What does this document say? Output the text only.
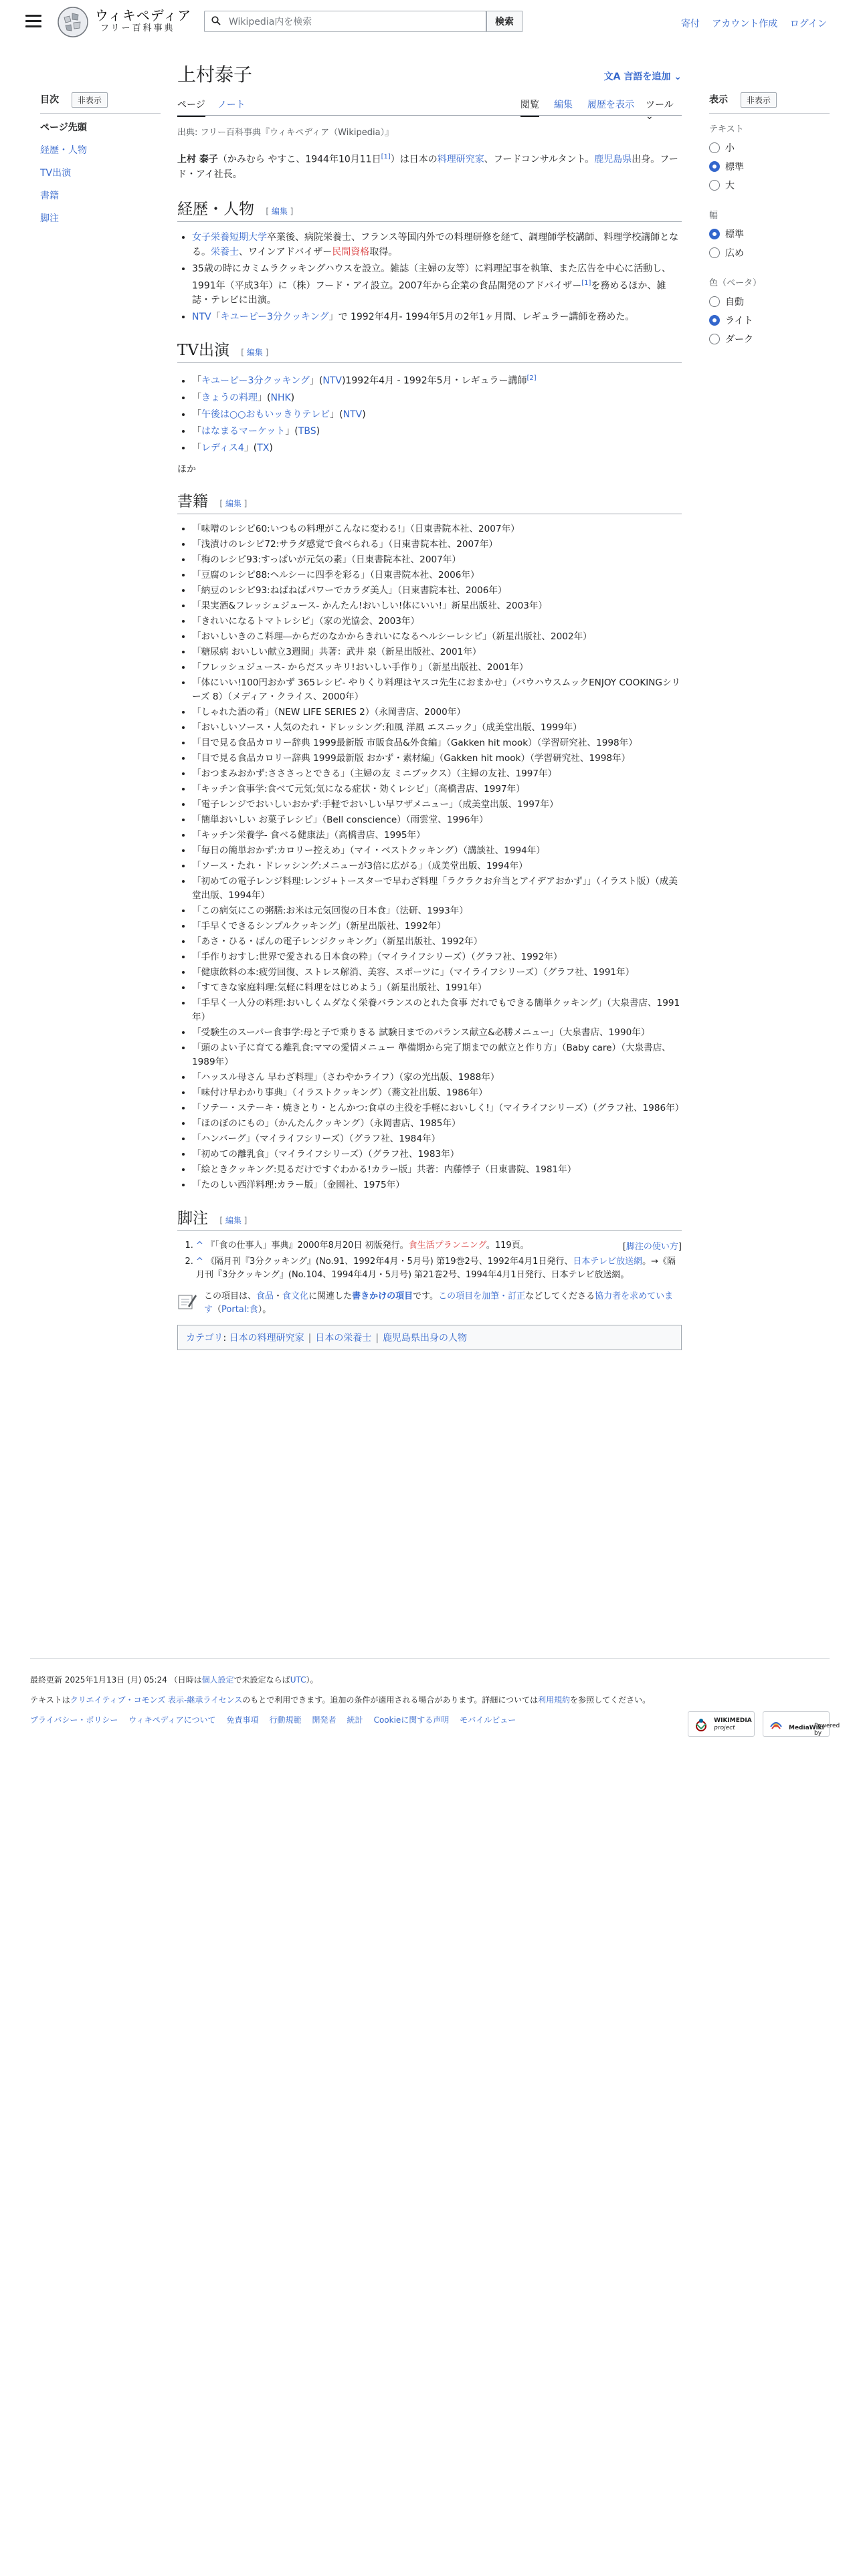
ウィキペディア
フリー百科事典
Wikipedia内を検索
検索	寄付 アカウント作成 ログイン
目次 非表示
ページ先頭
経歴・人物
TV出演
書籍
脚注
上村泰子	文A 言語を追加 ⌄
ページ ノート	閲覧 編集 履歴を表示 ツール ⌄
出典: フリー百科事典『ウィキペディア（Wikipedia）』

上村 泰子（かみむら やすこ、1944年10月11日[1]）は日本の料理研究家、フードコンサルタント。鹿児島県出身。フード・アイ社長。

経歴・人物 [ 編集 ]
• 女子栄養短期大学卒業後、病院栄養士、フランス等国内外での料理研修を経て、調理師学校講師、料理学校講師となる。栄養士、ワインアドバイザー民間資格取得。
• 35歳の時にカミムラクッキングハウスを設立。雑誌（主婦の友等）に料理記事を執筆、また広告を中心に活動し、1991年（平成3年）に（株）フード・アイ設立。2007年から企業の食品開発のアドバイザー[1]を務めるほか、雑誌・テレビに出演。
• NTV「キユーピー3分クッキング」で 1992年4月- 1994年5月の2年1ヶ月間、レギュラー講師を務めた。
TV出演 [ 編集 ]
• 「キユーピー3分クッキング」(NTV)1992年4月 - 1992年5月・レギュラー講師[2]
• 「きょうの料理」(NHK)
• 「午後は○○おもいッきりテレビ」(NTV)
• 「はなまるマーケット」(TBS)
• 「レディス4」(TX)

ほか

書籍 [ 編集 ]
• 「味噌のレシピ60:いつもの料理がこんなに変わる!」（日東書院本社、2007年）
• 「浅漬けのレシピ72:サラダ感覚で食べられる」（日東書院本社、2007年）
• 「梅のレシピ93:すっぱいが元気の素」（日東書院本社、2007年）
• 「豆腐のレシピ88:ヘルシーに四季を彩る」（日東書院本社、2006年）
• 「納豆のレシピ93:ねばねばパワーでカラダ美人」（日東書院本社、2006年）
• 「果実酒&フレッシュジュース- かんたん!おいしい!体にいい!」新星出版社、2003年）
• 「きれいになるトマトレシピ」（家の光協会、2003年）
• 「おいしいきのこ料理―からだのなかからきれいになるヘルシーレシピ」（新星出版社、2002年）
• 「糖尿病 おいしい献立3週間」共著：武井 泉（新星出版社、2001年）
• 「フレッシュジュース- からだスッキリ!おいしい手作り」（新星出版社、2001年）
• 「体にいい!100円おかず 365レシピ- やりくり料理はヤスコ先生におまかせ」（バウハウスムックENJOY COOKINGシリーズ 8）（メディア・クライス、2000年）
• 「しゃれた酒の肴」（NEW LIFE SERIES 2）（永岡書店、2000年）
• 「おいしいソース・人気のたれ・ドレッシング:和風 洋風 エスニック」（成美堂出版、1999年）
• 「目で見る食品カロリー辞典 1999最新版 市販食品&外食編」（Gakken hit mook）（学習研究社、1998年）
• 「目で見る食品カロリー辞典 1999最新版 おかず・素材編」（Gakken hit mook）（学習研究社、1998年）
• 「おつまみおかず:さささっとできる」（主婦の友 ミニブックス）（主婦の友社、1997年）
• 「キッチン食事学:食べて元気;気になる症状・効くレシピ」（高橋書店、1997年）
• 「電子レンジでおいしいおかず:手軽でおいしい早ワザメニュー」（成美堂出版、1997年）
• 「簡単おいしい お菓子レシピ」（Bell conscience）（雨雲堂、1996年）
• 「キッチン栄養学- 食べる健康法」（高橋書店、1995年）
• 「毎日の簡単おかず:カロリー控えめ」（マイ・ベストクッキング）（講談社、1994年）
• 「ソース・たれ・ドレッシング:メニューが3倍に広がる」（成美堂出版、1994年）
• 「初めての電子レンジ料理:レンジ+トースターで早わざ料理「ラクラクお弁当とアイデアおかず」」（イラスト版）（成美堂出版、1994年）
• 「この病気にこの粥膳:お米は元気回復の日本食」（法研、1993年）
• 「手早くできるシンプルクッキング」（新星出版社、1992年）
• 「あさ・ひる・ばんの電子レンジクッキング」（新星出版社、1992年）
• 「手作りおすし:世界で愛される日本食の粋」（マイライフシリーズ）（グラフ社、1992年）
• 「健康飲料の本:疲労回復、ストレス解消、美容、スポーツに」（マイライフシリーズ）（グラフ社、1991年）
• 「すてきな家庭料理:気軽に料理をはじめよう」（新星出版社、1991年）
• 「手早く一人分の料理:おいしくムダなく栄養バランスのとれた食事 だれでもできる簡単クッキング」（大泉書店、1991年）
• 「受験生のスーパー食事学:母と子で乗りきる 試験日までのパランス献立&必勝メニュー」（大泉書店、1990年）
• 「頭のよい子に育てる離乳食:ママの愛情メニュー 準備期から完了期までの献立と作り方」（Baby care）（大泉書店、1989年）
• 「ハッスル母さん 早わざ料理」（さわやかライフ）（家の光出版、1988年）
• 「味付け早わかり事典」（イラストクッキング）（蕎文社出版、1986年）
• 「ソテー・ステーキ・焼きとり・とんかつ:食卓の主役を手軽においしく!」（マイライフシリーズ）（グラフ社、1986年）
• 「ほのぼのにもの」（かんたんクッキング）（永岡書店、1985年）
• 「ハンバーグ」（マイライフシリーズ）（グラフ社、1984年）
• 「初めての離乳食」（マイライフシリーズ）（グラフ社、1983年）
• 「絵ときクッキング:見るだけですぐわかる!カラー版」共著：内藤悸子（日東書院、1981年）
• 「たのしい西洋料理:カラー版」（金園社、1975年）
脚注 [ 編集 ]
[脚注の使い方]
1. ^ 『「食の仕事人」事典』2000年8月20日 初版発行。食生活プランニング。119頁。
2. ^ 《隔月刊『3分クッキング』(No.91、1992年4月・5月号) 第19巻2号、1992年4月1日発行、日本テレビ放送網。→《隔月刊『3分クッキング』(No.104、1994年4月・5月号) 第21巻2号、1994年4月1日発行、日本テレビ放送網。
この項目は、食品・食文化に関連した書きかけの項目です。この項目を加筆・訂正などしてくださる協力者を求めています（Portal:食）。
カテゴリ: 日本の料理研究家 | 日本の栄養士 | 鹿児島県出身の人物
表示 非表示
テキスト
小
標準
大
幅
標準
広め
色（ベータ）
自動
ライト
ダーク
最終更新 2025年1月13日 (月) 05:24 （日時は個人設定で未設定ならばUTC）。
テキストはクリエイティブ・コモンズ 表示-継承ライセンスのもとで利用できます。追加の条件が適用される場合があります。詳細については利用規約を参照してください。
プライバシー・ポリシー ウィキペディアについて 免責事項 行動規範 開発者 統計 Cookieに関する声明 モバイルビュー	WIKIMEDIA
project
	Powered by

MediaWiki
